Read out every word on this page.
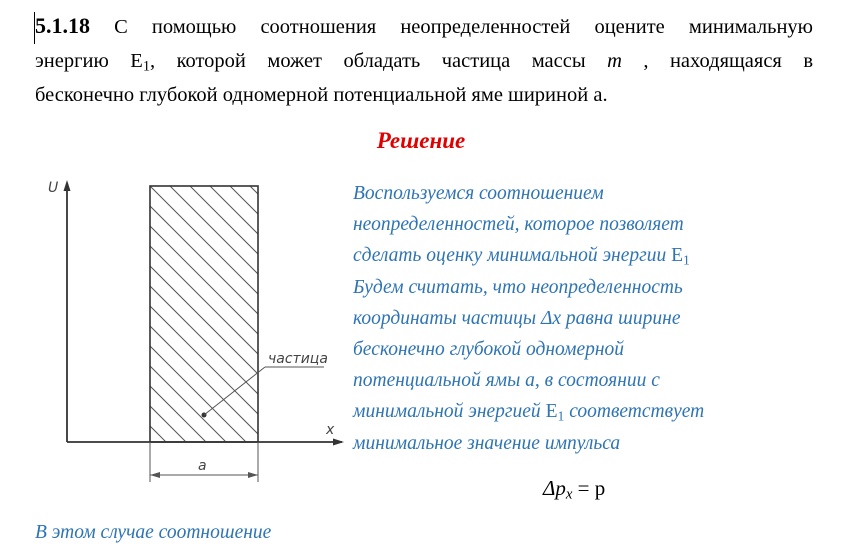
5.1.18 С помощью соотношения неопределенностей оцените минимальную
энергию $E_1$, которой может обладать частица массы m , находящаяся в
бесконечно глубокой одномерной потенциальной яме шириной a.
Решение
U
x
частица
a
Воспользуемся соотношением
неопределенностей, которое позволяет
сделать оценку минимальной энергии $E_1$
Будем считать, что неопределенность
координаты частицы Δx равна ширине
бесконечно глубокой одномерной
потенциальной ямы a, в состоянии с
минимальной энергией $E_1$ соответствует
минимальное значение импульса
$\Delta p_x = p$
В этом случае соотношение
